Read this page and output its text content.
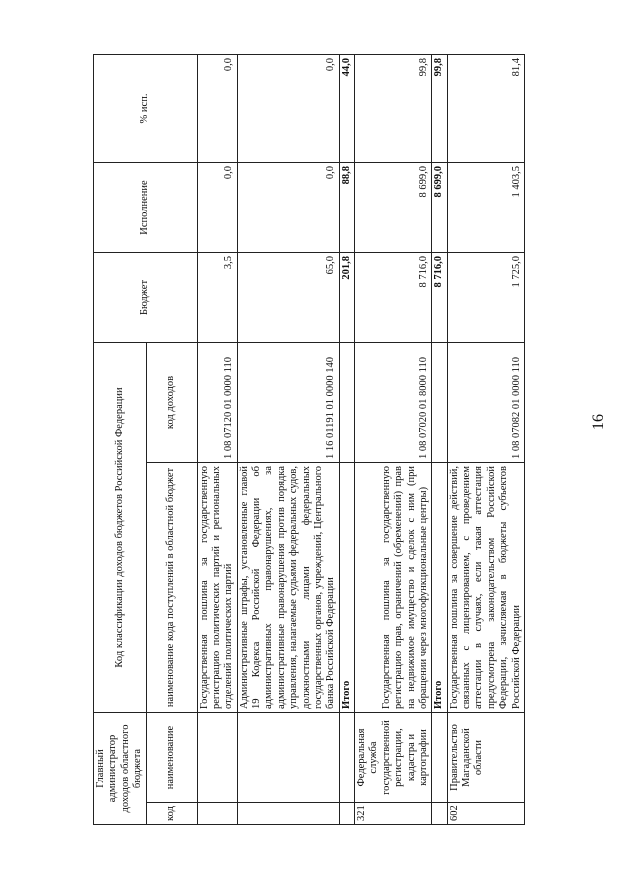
16
Главный администратор доходов областного бюджета		Код классификации доходов бюджетов Российской Федерации		Бюджет	Исполнение	% исп.
код	наименование	наименование кода поступлений в областной бюджет	код доходов			
		Государственная пошлина за государственную регистрацию политических партий и региональных отделений политических партий	1 08 07120 01 0000 110	3,5	0,0	0,0
		Административные штрафы, установленные главой 19 Кодекса Российской Федерации об административных правонарушениях, за административные правонарушения против порядка управления, налагаемые судьями федеральных судов, должностными лицами федеральных государственных органов, учреждений, Центрального банка Российской Федерации	1 16 01191 01 0000 140	65,0	0,0	0,0
		Итого		201,8	88,8	44,0
321	Федеральная служба государственной регистрации, кадастра и картографии	Государственная пошлина за государственную регистрацию прав, ограничений (обременений) прав на недвижимое имущество и сделок с ним (при обращении через многофункциональные центры)	1 08 07020 01 8000 110	8 716,0	8 699,0	99,8
		Итого		8 716,0	8 699,0	99,8
602	Правительство Магаданской области	Государственная пошлина за совершение действий, связанных с лицензированием, с проведением аттестации в случаях, если такая аттестация предусмотрена законодательством Российской Федерации, зачисляемая в бюджеты субъектов Российской Федерации	1 08 07082 01 0000 110	1 725,0	1 403,5	81,4
